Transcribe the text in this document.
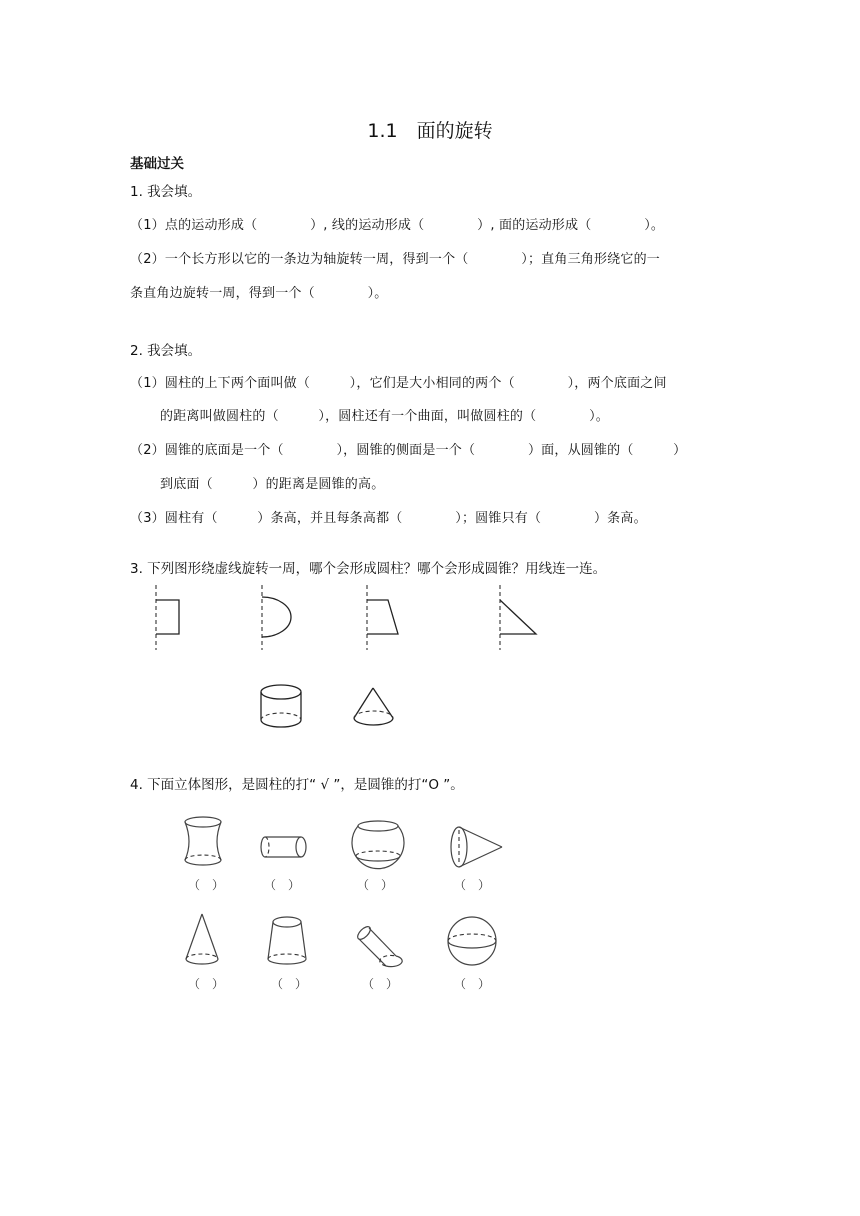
1.1　面的旋转
基础过关
1. 我会填。
（1）点的运动形成（　　　　）, 线的运动形成（　　　　）, 面的运动形成（　　　　）。
（2）一个长方形以它的一条边为轴旋转一周，得到一个（　　　　）；直角三角形绕它的一
条直角边旋转一周，得到一个（　　　　）。
2. 我会填。
（1）圆柱的上下两个面叫做（　　　），它们是大小相同的两个（　　　　），两个底面之间
的距离叫做圆柱的（　　　），圆柱还有一个曲面，叫做圆柱的（　　　　）。
（2）圆锥的底面是一个（　　　　），圆锥的侧面是一个（　　　　）面，从圆锥的（　　　）
到底面（　　　）的距离是圆锥的高。
（3）圆柱有（　　　）条高，并且每条高都（　　　　）；圆锥只有（　　　　）条高。
3. 下列图形绕虚线旋转一周，哪个会形成圆柱？哪个会形成圆锥？用线连一连。
4. 下面立体图形，是圆柱的打“ √ ”，是圆锥的打“O ”。
（　）	（　）	（　）	（　）
（　）	（　）	（　）	（　）
